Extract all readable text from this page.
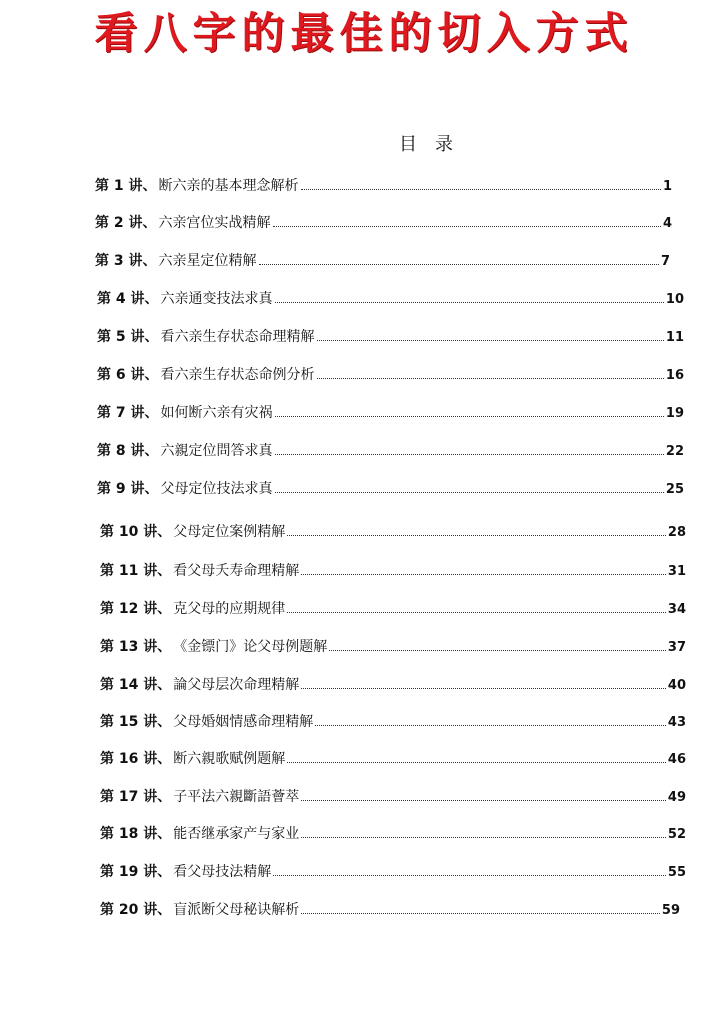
看八字的最佳的切入方式
目录
第 1 讲、 断六亲的基本理念解析	1
第 2 讲、 六亲宫位实战精解	4
第 3 讲、 六亲星定位精解	7
第 4 讲、 六亲通变技法求真	10
第 5 讲、 看六亲生存状态命理精解	11
第 6 讲、 看六亲生存状态命例分析	16
第 7 讲、 如何断六亲有灾祸	19
第 8 讲、 六親定位問答求真	22
第 9 讲、 父母定位技法求真	25
第 10 讲、 父母定位案例精解	28
第 11 讲、 看父母夭寿命理精解	31
第 12 讲、 克父母的应期规律	34
第 13 讲、 《金镖门》论父母例题解	37
第 14 讲、 論父母层次命理精解	40
第 15 讲、 父母婚姻情感命理精解	43
第 16 讲、 断六親歌赋例题解	46
第 17 讲、 子平法六親斷語薈萃	49
第 18 讲、 能否继承家产与家业	52
第 19 讲、 看父母技法精解	55
第 20 讲、 盲派断父母秘诀解析	59
